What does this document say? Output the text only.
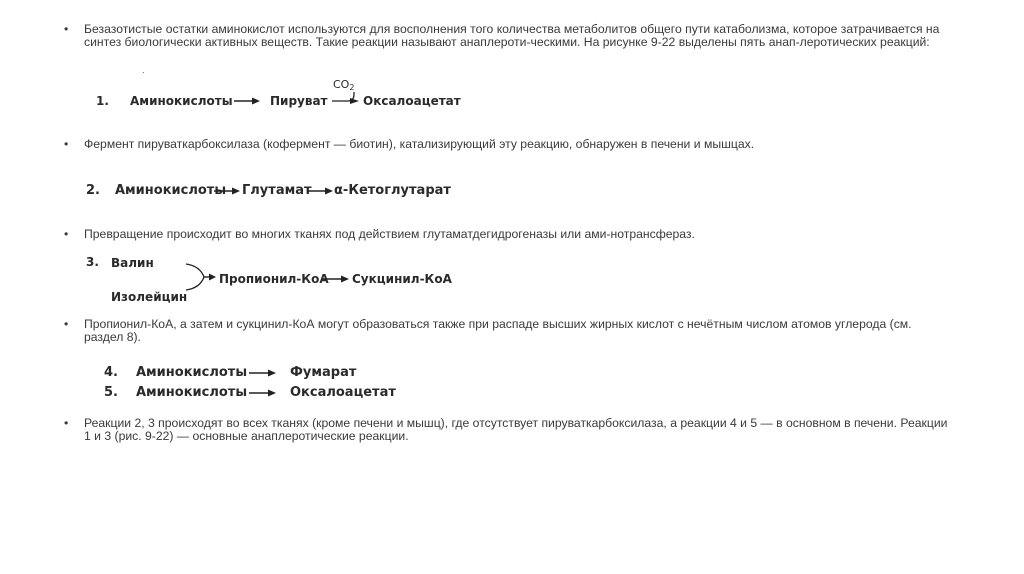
•	Безазотистые остатки аминокислот используются для восполнения того количества метаболитов общего пути катаболизма, которое затрачивается на синтез биологически активных веществ. Такие реакции называют анаплероти-ческими. На рисунке 9-22 выделены пять анап-леротических реакций:
1. Аминокислоты	Пируват
$CO_2$
Оксалоацетат
•	Фермент пируваткарбоксилаза (кофермент — биотин), катализирующий эту реакцию, обнаружен в печени и мышцах.
2. Аминокислоты Глутамат α-Кетоглутарат
•	Превращение происходит во многих тканях под действием глутаматдегидрогеназы или ами-нотрансфераз.
3. Валин
Изолейцин
Пропионил-КоА Сукцинил-КоА
•	Пропионил-КоА, а затем и сукцинил-КоА могут образоваться также при распаде высших жирных кислот с нечётным числом атомов углерода (см. раздел 8).
4. Аминокислоты	Фумарат
5. Аминокислоты	Оксалоацетат
•	Реакции 2, 3 происходят во всех тканях (кроме печени и мышц), где отсутствует пируваткарбоксилаза, а реакции 4 и 5 — в основном в печени. Реакции 1 и 3 (рис. 9-22) — основные анаплеротические реакции.
